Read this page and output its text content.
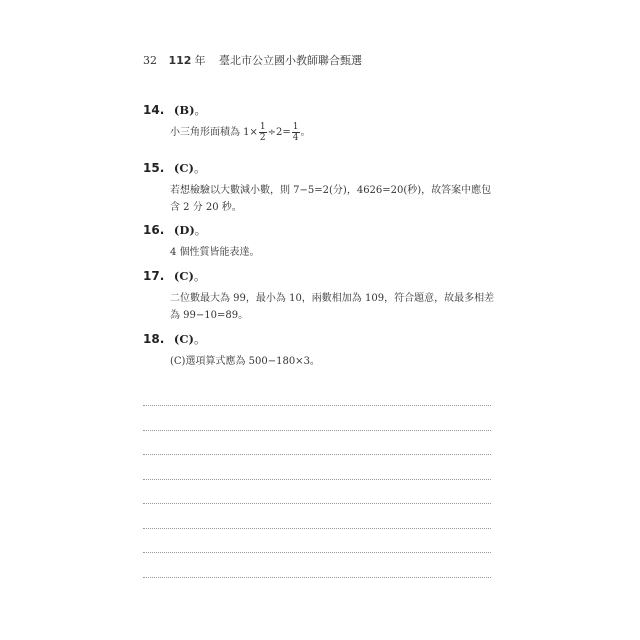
32 112 年 臺北市公立國小教師聯合甄選
14. (B)。
小三角形面積為 $1\times \frac{1}{2} \div 2= \frac{1}{4}$ 。
15. (C)。
若想檢驗以大數減小數，則 7−5=2(分)，4626=20(秒)，故答案中應包含 2 分 20 秒。
16. (D)。
4 個性質皆能表達。
17. (C)。
二位數最大為 99，最小為 10，兩數相加為 109，符合題意，故最多相差為 99−10=89。
18. (C)。
(C)選項算式應為 500−180×3。
